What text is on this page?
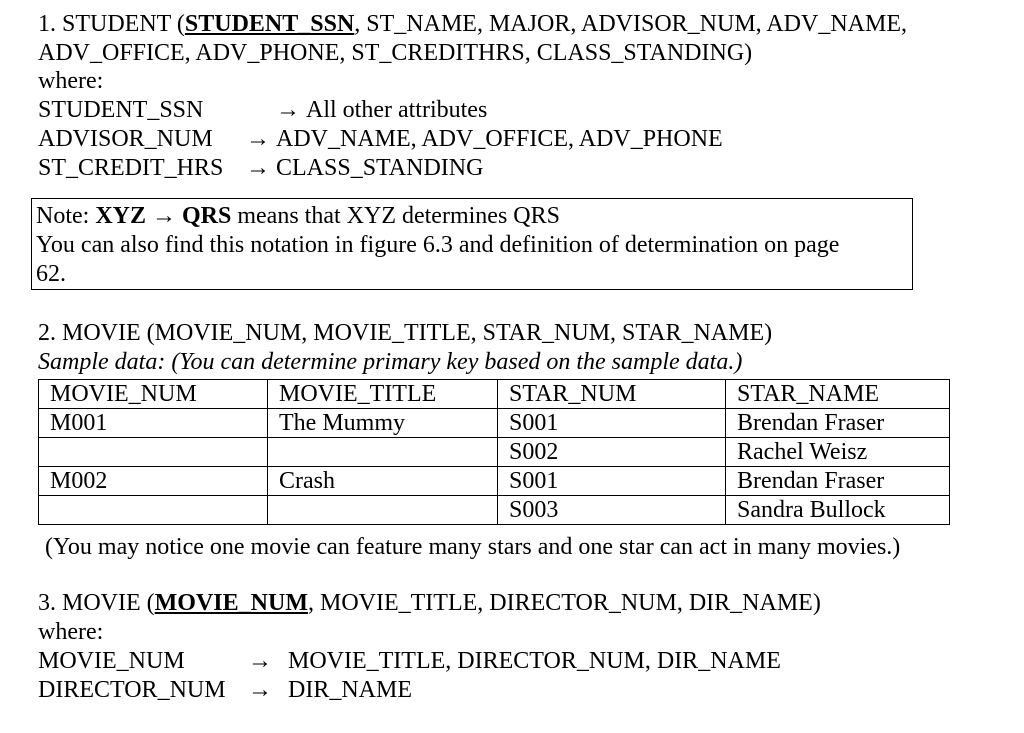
1. STUDENT (STUDENT_SSN, ST_NAME, MAJOR, ADVISOR_NUM, ADV_NAME,
ADV_OFFICE, ADV_PHONE, ST_CREDITHRS, CLASS_STANDING)
where:
STUDENT_SSN	→ All other attributes
ADVISOR_NUM → ADV_NAME, ADV_OFFICE, ADV_PHONE
ST_CREDIT_HRS → CLASS_STANDING
Note: XYZ → QRS means that XYZ determines QRS
You can also find this notation in figure 6.3 and definition of determination on page
62.
2. MOVIE (MOVIE_NUM, MOVIE_TITLE, STAR_NUM, STAR_NAME)
Sample data: (You can determine primary key based on the sample data.)
MOVIE_NUM	MOVIE_TITLE	STAR_NUM	STAR_NAME
M001	The Mummy	S001	Brendan Fraser
		S002	Rachel Weisz
M002	Crash	S001	Brendan Fraser
		S003	Sandra Bullock
(You may notice one movie can feature many stars and one star can act in many movies.)
3. MOVIE (MOVIE_NUM, MOVIE_TITLE, DIRECTOR_NUM, DIR_NAME)
where:
MOVIE_NUM	→ MOVIE_TITLE, DIRECTOR_NUM, DIR_NAME
DIRECTOR_NUM → DIR_NAME
